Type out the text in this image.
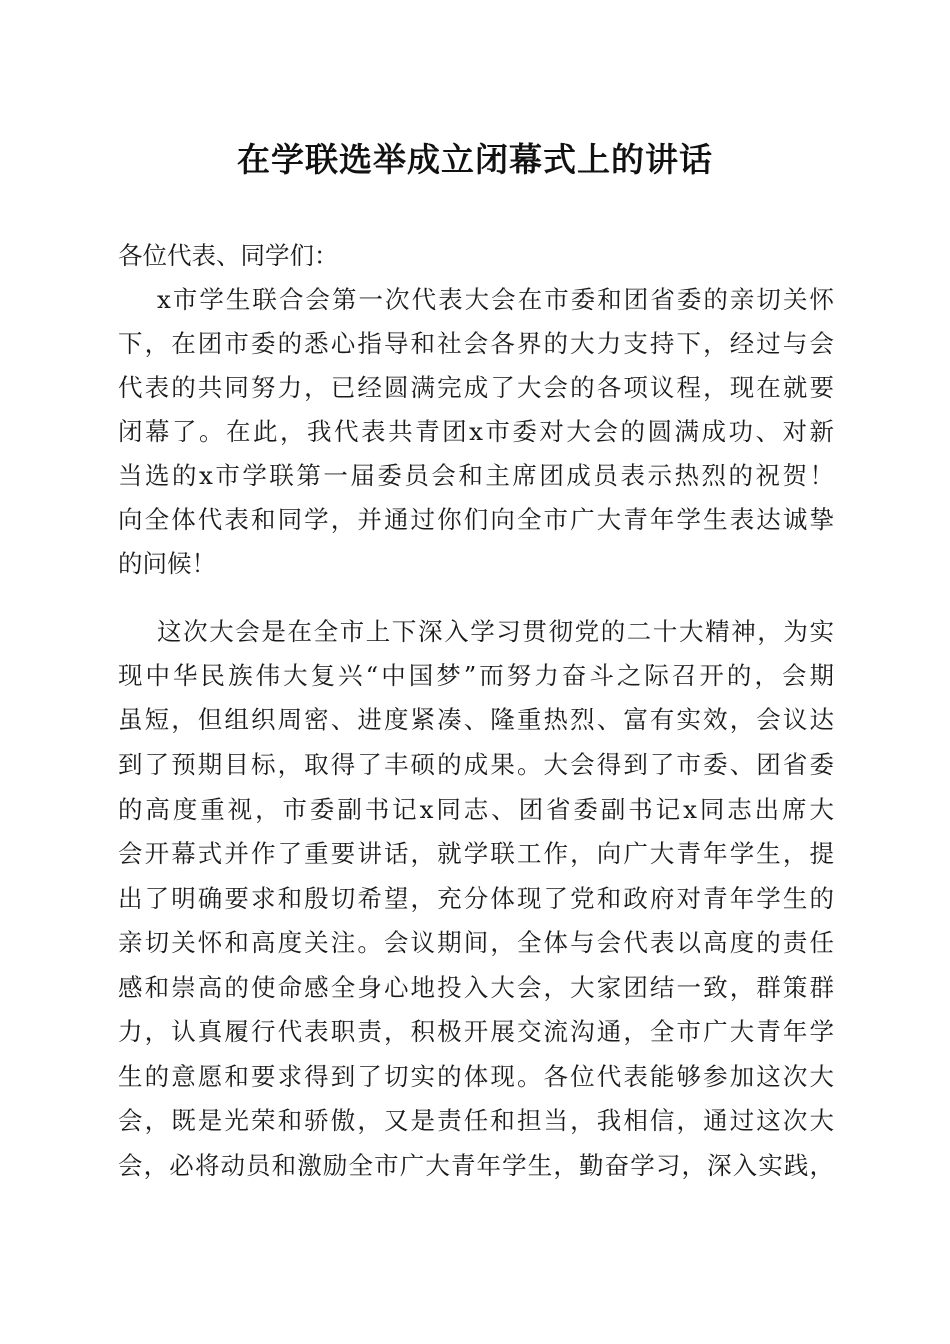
在学联选举成立闭幕式上的讲话
各位代表、同学们：
x市学生联合会第一次代表大会在市委和团省委的亲切关怀
下，在团市委的悉心指导和社会各界的大力支持下，经过与会
代表的共同努力，已经圆满完成了大会的各项议程，现在就要
闭幕了。在此，我代表共青团x市委对大会的圆满成功、对新
当选的x市学联第一届委员会和主席团成员表示热烈的祝贺！
向全体代表和同学，并通过你们向全市广大青年学生表达诚挚
的问候！
这次大会是在全市上下深入学习贯彻党的二十大精神，为实
现中华民族伟大复兴“中国梦”而努力奋斗之际召开的，会期
虽短，但组织周密、进度紧凑、隆重热烈、富有实效，会议达
到了预期目标，取得了丰硕的成果。大会得到了市委、团省委
的高度重视，市委副书记x同志、团省委副书记x同志出席大
会开幕式并作了重要讲话，就学联工作，向广大青年学生，提
出了明确要求和殷切希望，充分体现了党和政府对青年学生的
亲切关怀和高度关注。会议期间，全体与会代表以高度的责任
感和崇高的使命感全身心地投入大会，大家团结一致，群策群
力，认真履行代表职责，积极开展交流沟通，全市广大青年学
生的意愿和要求得到了切实的体现。各位代表能够参加这次大
会，既是光荣和骄傲，又是责任和担当，我相信，通过这次大
会，必将动员和激励全市广大青年学生，勤奋学习，深入实践，
